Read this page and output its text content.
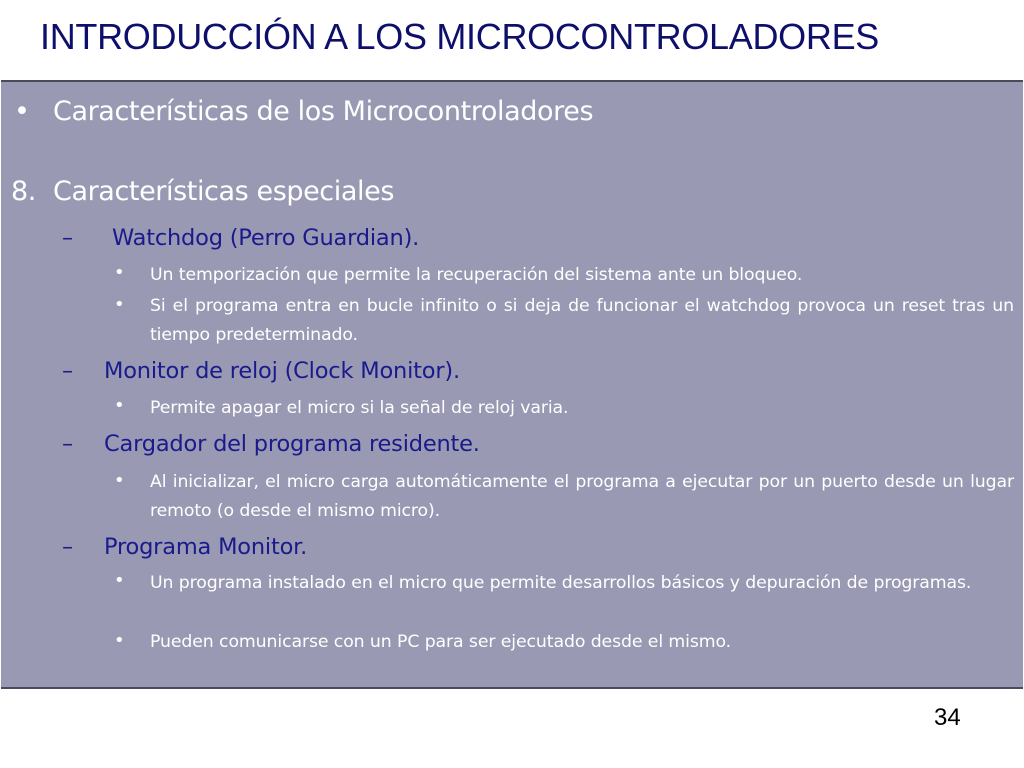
INTRODUCCIÓN A LOS MICROCONTROLADORES
• Características de los Microcontroladores
8. Características especiales
– Watchdog (Perro Guardian).
• Un temporización que permite la recuperación del sistema ante un bloqueo.
• Si el programa entra en bucle infinito o si deja de funcionar el watchdog provoca un reset tras un tiempo predeterminado.
– Monitor de reloj (Clock Monitor).
• Permite apagar el micro si la señal de reloj varia.
– Cargador del programa residente.
• Al inicializar, el micro carga automáticamente el programa a ejecutar por un puerto desde un lugar remoto (o desde el mismo micro).
– Programa Monitor.
• Un programa instalado en el micro que permite desarrollos básicos y depuración de programas.
• Pueden comunicarse con un PC para ser ejecutado desde el mismo.
34
